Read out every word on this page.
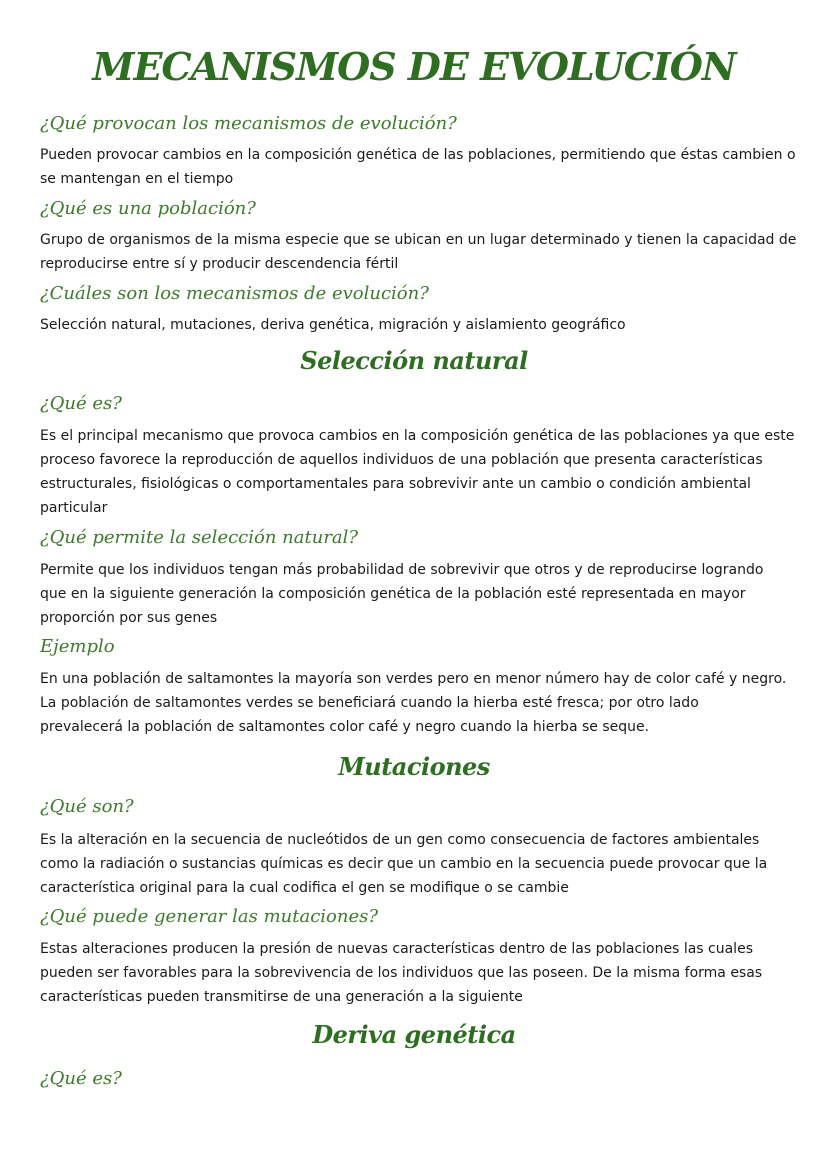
MECANISMOS DE EVOLUCIÓN
¿Qué provocan los mecanismos de evolución?
Pueden provocar cambios en la composición genética de las poblaciones, permitiendo que éstas cambien o
se mantengan en el tiempo
¿Qué es una población?
Grupo de organismos de la misma especie que se ubican en un lugar determinado y tienen la capacidad de
reproducirse entre sí y producir descendencia fértil
¿Cuáles son los mecanismos de evolución?
Selección natural, mutaciones, deriva genética, migración y aislamiento geográfico
Selección natural
¿Qué es?
Es el principal mecanismo que provoca cambios en la composición genética de las poblaciones ya que este
proceso favorece la reproducción de aquellos individuos de una población que presenta características
estructurales, fisiológicas o comportamentales para sobrevivir ante un cambio o condición ambiental
particular
¿Qué permite la selección natural?
Permite que los individuos tengan más probabilidad de sobrevivir que otros y de reproducirse logrando
que en la siguiente generación la composición genética de la población esté representada en mayor
proporción por sus genes
Ejemplo
En una población de saltamontes la mayoría son verdes pero en menor número hay de color café y negro.
La población de saltamontes verdes se beneficiará cuando la hierba esté fresca; por otro lado
prevalecerá la población de saltamontes color café y negro cuando la hierba se seque.
Mutaciones
¿Qué son?
Es la alteración en la secuencia de nucleótidos de un gen como consecuencia de factores ambientales
como la radiación o sustancias químicas es decir que un cambio en la secuencia puede provocar que la
característica original para la cual codifica el gen se modifique o se cambie
¿Qué puede generar las mutaciones?
Estas alteraciones producen la presión de nuevas características dentro de las poblaciones las cuales
pueden ser favorables para la sobrevivencia de los individuos que las poseen. De la misma forma esas
características pueden transmitirse de una generación a la siguiente
Deriva genética
¿Qué es?
